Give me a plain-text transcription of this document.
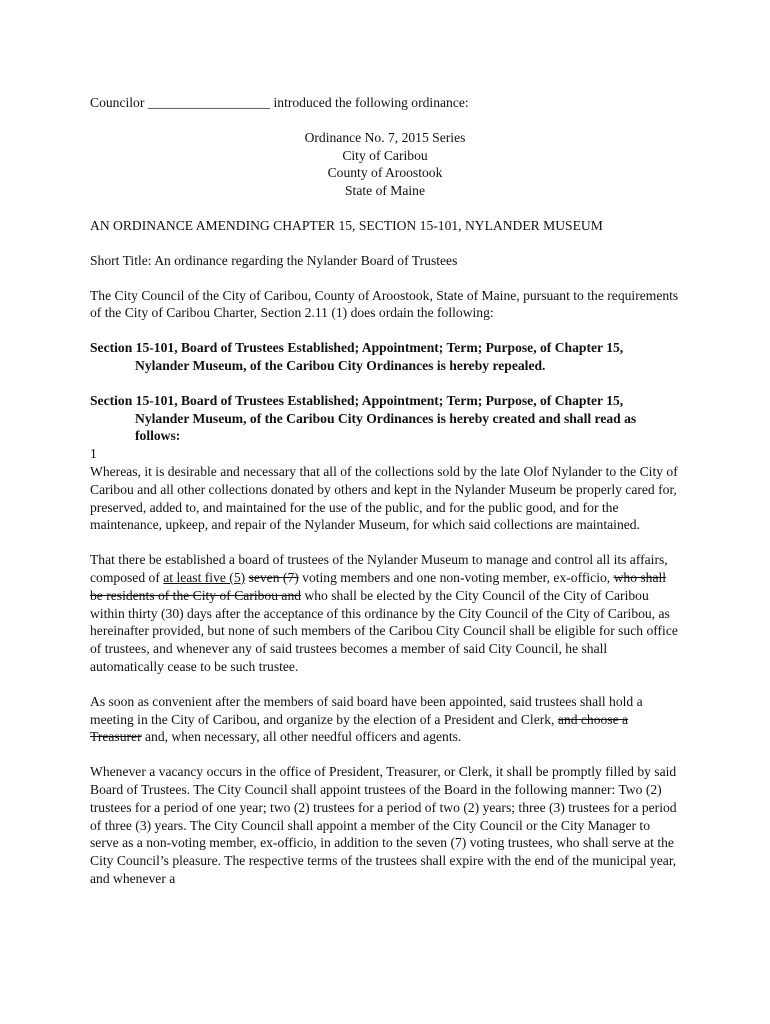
Councilor __________________ introduced the following ordinance:

Ordinance No. 7, 2015 Series

City of Caribou

County of Aroostook

State of Maine

AN ORDINANCE AMENDING CHAPTER 15, SECTION 15-101, NYLANDER MUSEUM

Short Title: An ordinance regarding the Nylander Board of Trustees

The City Council of the City of Caribou, County of Aroostook, State of Maine, pursuant to the requirements of the City of Caribou Charter, Section 2.11 (1) does ordain the following:

Section 15-101, Board of Trustees Established; Appointment; Term; Purpose, of Chapter 15, Nylander Museum, of the Caribou City Ordinances is hereby repealed.

Section 15-101, Board of Trustees Established; Appointment; Term; Purpose, of Chapter 15, Nylander Museum, of the Caribou City Ordinances is hereby created and shall read as follows:

1

Whereas, it is desirable and necessary that all of the collections sold by the late Olof Nylander to the City of Caribou and all other collections donated by others and kept in the Nylander Museum be properly cared for, preserved, added to, and maintained for the use of the public, and for the public good, and for the maintenance, upkeep, and repair of the Nylander Museum, for which said collections are maintained.

That there be established a board of trustees of the Nylander Museum to manage and control all its affairs, composed of at least five (5) seven (7) voting members and one non-voting member, ex-officio, who shall be residents of the City of Caribou and who shall be elected by the City Council of the City of Caribou within thirty (30) days after the acceptance of this ordinance by the City Council of the City of Caribou, as hereinafter provided, but none of such members of the Caribou City Council shall be eligible for such office of trustees, and whenever any of said trustees becomes a member of said City Council, he shall automatically cease to be such trustee.

As soon as convenient after the members of said board have been appointed, said trustees shall hold a meeting in the City of Caribou, and organize by the election of a President and Clerk, and choose a Treasurer and, when necessary, all other needful officers and agents.

Whenever a vacancy occurs in the office of President, Treasurer, or Clerk, it shall be promptly filled by said Board of Trustees. The City Council shall appoint trustees of the Board in the following manner: Two (2) trustees for a period of one year; two (2) trustees for a period of two (2) years; three (3) trustees for a period of three (3) years. The City Council shall appoint a member of the City Council or the City Manager to serve as a non-voting member, ex-officio, in addition to the seven (7) voting trustees, who shall serve at the City Council’s pleasure. The respective terms of the trustees shall expire with the end of the municipal year, and whenever a
